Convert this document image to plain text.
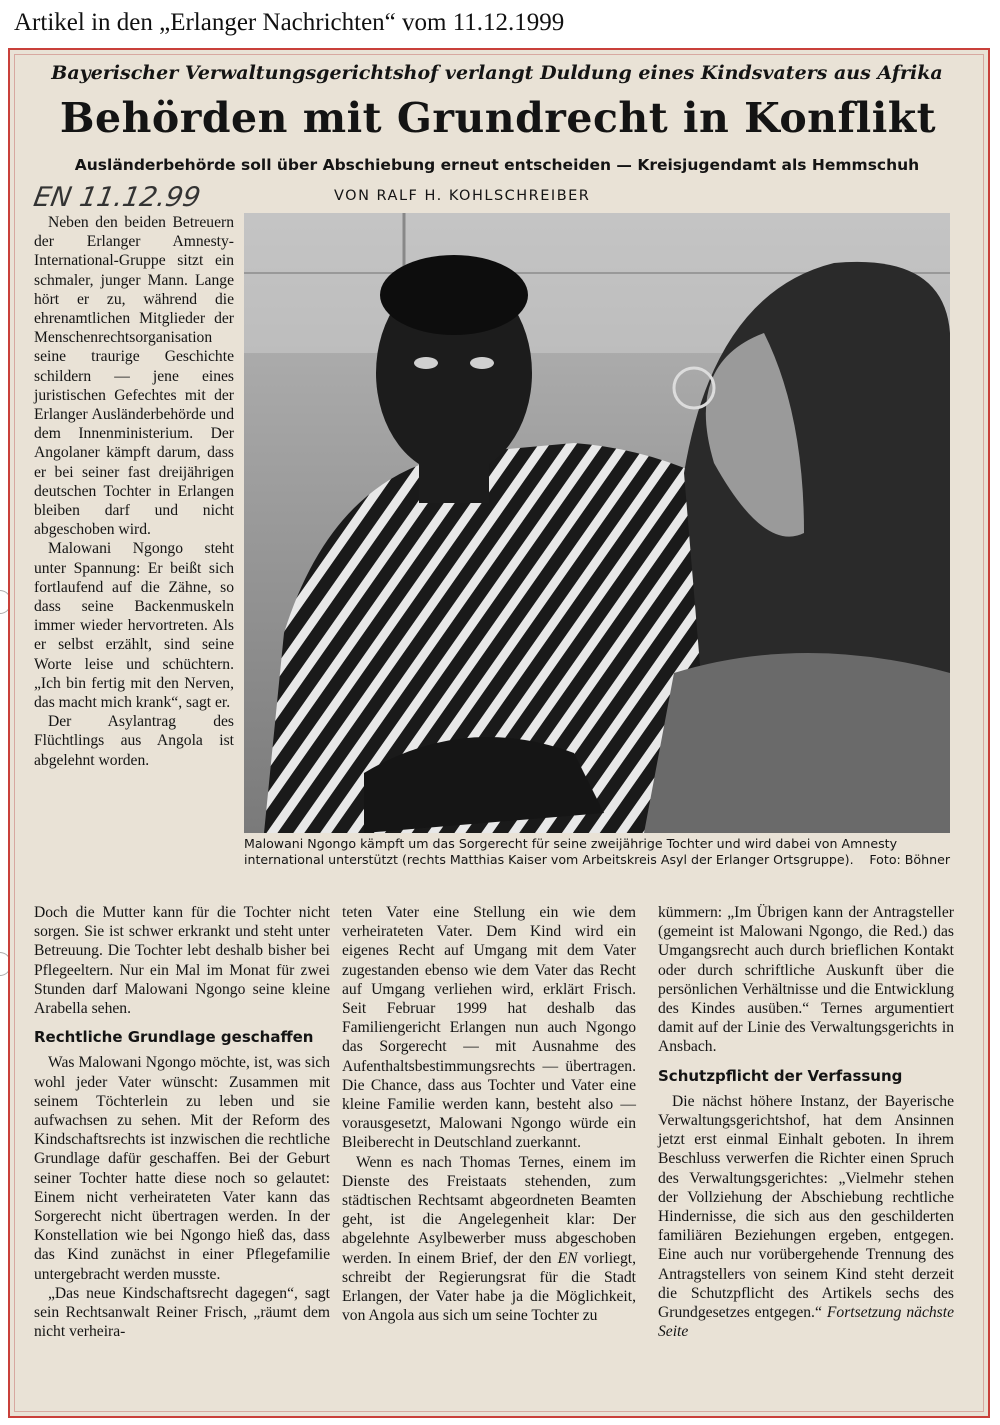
Artikel in den „Erlanger Nachrichten“ vom 11.12.1999
Bayerischer Verwaltungsgerichtshof verlangt Duldung eines Kindsvaters aus Afrika
Behörden mit Grundrecht in Konflikt
Ausländerbehörde soll über Abschiebung erneut entscheiden — Kreisjugendamt als Hemmschuh
EN 11.12.99	VON RALF H. KOHLSCHREIBER

Neben den beiden Betreuern der Erlanger Amnesty-International-Gruppe sitzt ein schmaler, junger Mann. Lange hört er zu, während die ehrenamtlichen Mitglieder der Menschenrechtsorganisation seine traurige Geschichte schildern — jene eines juristischen Gefechtes mit der Erlanger Ausländerbehörde und dem Innenministerium. Der Angolaner kämpft darum, dass er bei seiner fast dreijährigen deutschen Tochter in Erlangen bleiben darf und nicht abgeschoben wird.

Malowani Ngongo steht unter Spannung: Er beißt sich fortlaufend auf die Zähne, so dass seine Backenmuskeln immer wieder hervortreten. Als er selbst erzählt, sind seine Worte leise und schüchtern. „Ich bin fertig mit den Nerven, das macht mich krank“, sagt er.

Der Asylantrag des Flüchtlings aus Angola ist abgelehnt worden.

Malowani Ngongo kämpft um das Sorgerecht für seine zweijährige Tochter und wird dabei von Amnesty international unterstützt (rechts Matthias Kaiser vom Arbeitskreis Asyl der Erlanger Ortsgruppe). Foto: Böhner

Doch die Mutter kann für die Tochter nicht sorgen. Sie ist schwer erkrankt und steht unter Betreuung. Die Tochter lebt deshalb bisher bei Pflegeeltern. Nur ein Mal im Monat für zwei Stunden darf Malowani Ngongo seine kleine Arabella sehen.

Rechtliche Grundlage geschaffen

Was Malowani Ngongo möchte, ist, was sich wohl jeder Vater wünscht: Zusammen mit seinem Töchterlein zu leben und sie aufwachsen zu sehen. Mit der Reform des Kindschaftsrechts ist inzwischen die rechtliche Grundlage dafür geschaffen. Bei der Geburt seiner Tochter hatte diese noch so gelautet: Einem nicht verheirateten Vater kann das Sorgerecht nicht übertragen werden. In der Konstellation wie bei Ngongo hieß das, dass das Kind zunächst in einer Pflegefamilie untergebracht werden musste.

„Das neue Kindschaftsrecht dagegen“, sagt sein Rechtsanwalt Reiner Frisch, „räumt dem nicht verheira-

teten Vater eine Stellung ein wie dem verheirateten Vater. Dem Kind wird ein eigenes Recht auf Umgang mit dem Vater zugestanden ebenso wie dem Vater das Recht auf Umgang verliehen wird, erklärt Frisch. Seit Februar 1999 hat deshalb das Familiengericht Erlangen nun auch Ngongo das Sorgerecht — mit Ausnahme des Aufenthaltsbestimmungsrechts — übertragen. Die Chance, dass aus Tochter und Vater eine kleine Familie werden kann, besteht also — vorausgesetzt, Malowani Ngongo würde ein Bleiberecht in Deutschland zuerkannt.

Wenn es nach Thomas Ternes, einem im Dienste des Freistaats stehenden, zum städtischen Rechtsamt abgeordneten Beamten geht, ist die Angelegenheit klar: Der abgelehnte Asylbewerber muss abgeschoben werden. In einem Brief, der den EN vorliegt, schreibt der Regierungsrat für die Stadt Erlangen, der Vater habe ja die Möglichkeit, von Angola aus sich um seine Tochter zu

kümmern: „Im Übrigen kann der Antragsteller (gemeint ist Malowani Ngongo, die Red.) das Umgangsrecht auch durch brieflichen Kontakt oder durch schriftliche Auskunft über die persönlichen Verhältnisse und die Entwicklung des Kindes ausüben.“ Ternes argumentiert damit auf der Linie des Verwaltungsgerichts in Ansbach.

Schutzpflicht der Verfassung

Die nächst höhere Instanz, der Bayerische Verwaltungsgerichtshof, hat dem Ansinnen jetzt erst einmal Einhalt geboten. In ihrem Beschluss verwerfen die Richter einen Spruch des Verwaltungsgerichtes: „Vielmehr stehen der Vollziehung der Abschiebung rechtliche Hindernisse, die sich aus den geschilderten familiären Beziehungen ergeben, entgegen. Eine auch nur vorübergehende Trennung des Antragstellers von seinem Kind steht derzeit die Schutzpflicht des Artikels sechs des Grundgesetzes entgegen.“ Fortsetzung nächste Seite
